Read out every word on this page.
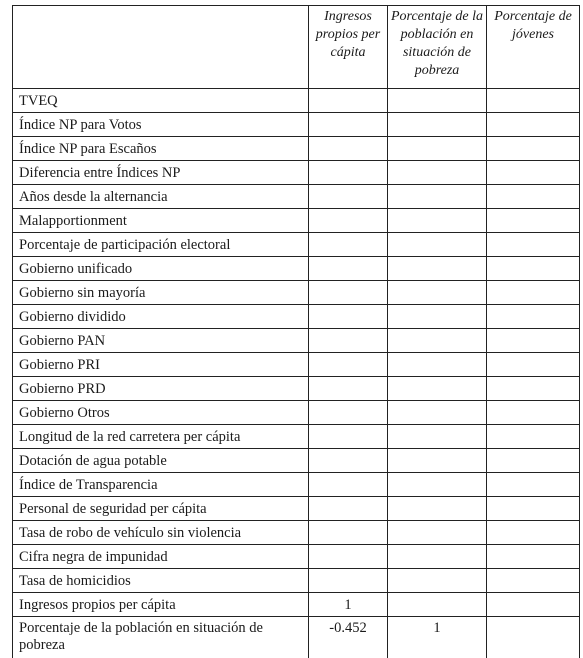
	Ingresos propios per cápita	Porcentaje de la población en situación de pobreza	Porcentaje de jóvenes
TVEQ			
Índice NP para Votos			
Índice NP para Escaños			
Diferencia entre Índices NP			
Años desde la alternancia			
Malapportionment			
Porcentaje de participación electoral			
Gobierno unificado			
Gobierno sin mayoría			
Gobierno dividido			
Gobierno PAN			
Gobierno PRI			
Gobierno PRD			
Gobierno Otros			
Longitud de la red carretera per cápita			
Dotación de agua potable			
Índice de Transparencia			
Personal de seguridad per cápita			
Tasa de robo de vehículo sin violencia			
Cifra negra de impunidad			
Tasa de homicidios			
Ingresos propios per cápita	1		
Porcentaje de la población en situación de pobreza	-0.452	1	
